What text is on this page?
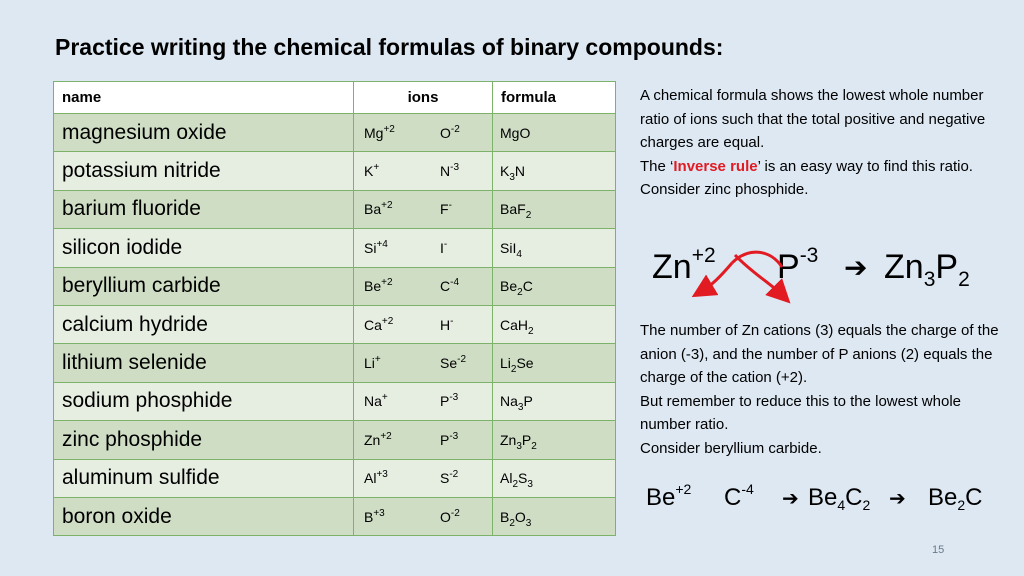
Practice writing the chemical formulas of binary compounds:
name	ions	formula
magnesium oxide	$Mg^{+2}$ $O^{-2}$	MgO
potassium nitride	K+ $N^{-3}$	$K_3N$
barium fluoride	$Ba^{+2}$ F-	BaF$_2$
silicon iodide	$Si^{+4}$ I-	SiI$_4$
beryllium carbide	$Be^{+2}$ $C^{-4}$	$Be_2C$
calcium hydride	$Ca^{+2}$ H-	CaH$_2$
lithium selenide	Li+ $Se^{-2}$	$Li_2Se$
sodium phosphide	Na+ $P^{-3}$	$Na_3P$
zinc phosphide	$Zn^{+2}$ $P^{-3}$	$Zn_3P_2$
aluminum sulfide	$Al^{+3}$ $S^{-2}$	$Al_2S_3$
boron oxide	$B^{+3}$ $O^{-2}$	$B_2O_3$

A chemical formula shows the lowest whole number ratio of ions such that the total positive and negative charges are equal.

The ‘Inverse rule’ is an easy way to find this ratio.

Consider zinc phosphide.

$Zn^{+2}$ $P^{-3}$ ➔ $Zn_3P_2$

The number of Zn cations (3) equals the charge of the anion (-3), and the number of P anions (2) equals the charge of the cation (+2).

But remember to reduce this to the lowest whole number ratio.

Consider beryllium carbide.

$Be^{+2}$ $C^{-4}$ ➔ $Be_4C_2$ ➔ $Be_2C$
15
